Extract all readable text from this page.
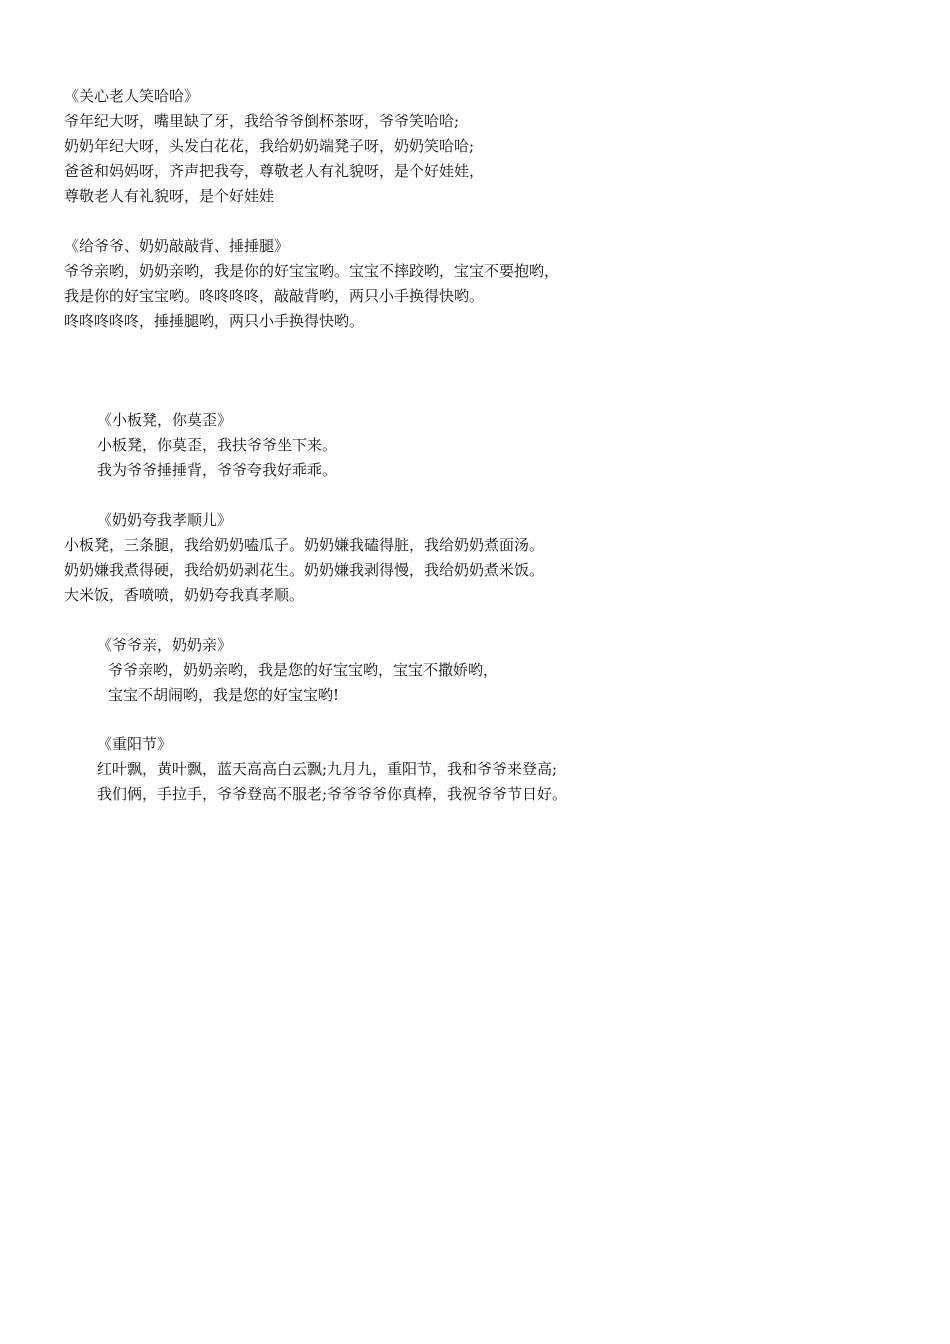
《关心老人笑哈哈》
爷年纪大呀，嘴里缺了牙，我给爷爷倒杯茶呀，爷爷笑哈哈;
奶奶年纪大呀，头发白花花，我给奶奶端凳子呀，奶奶笑哈哈;
爸爸和妈妈呀，齐声把我夸，尊敬老人有礼貌呀，是个好娃娃，
尊敬老人有礼貌呀，是个好娃娃
《给爷爷、奶奶敲敲背、捶捶腿》
爷爷亲哟，奶奶亲哟，我是你的好宝宝哟。宝宝不摔跤哟，宝宝不要抱哟，
我是你的好宝宝哟。咚咚咚咚，敲敲背哟，两只小手换得快哟。
咚咚咚咚咚，捶捶腿哟，两只小手换得快哟。
《小板凳，你莫歪》
小板凳，你莫歪，我扶爷爷坐下来。
我为爷爷捶捶背，爷爷夸我好乖乖。
《奶奶夸我孝顺儿》
小板凳，三条腿，我给奶奶嗑瓜子。奶奶嫌我磕得脏，我给奶奶煮面汤。
奶奶嫌我煮得硬，我给奶奶剥花生。奶奶嫌我剥得慢，我给奶奶煮米饭。
大米饭，香喷喷，奶奶夸我真孝顺。
《爷爷亲，奶奶亲》
爷爷亲哟，奶奶亲哟，我是您的好宝宝哟，宝宝不撒娇哟，
宝宝不胡闹哟，我是您的好宝宝哟!
《重阳节》
红叶飘，黄叶飘，蓝天高高白云飘;九月九，重阳节，我和爷爷来登高;
我们俩，手拉手，爷爷登高不服老;爷爷爷爷你真棒，我祝爷爷节日好。
